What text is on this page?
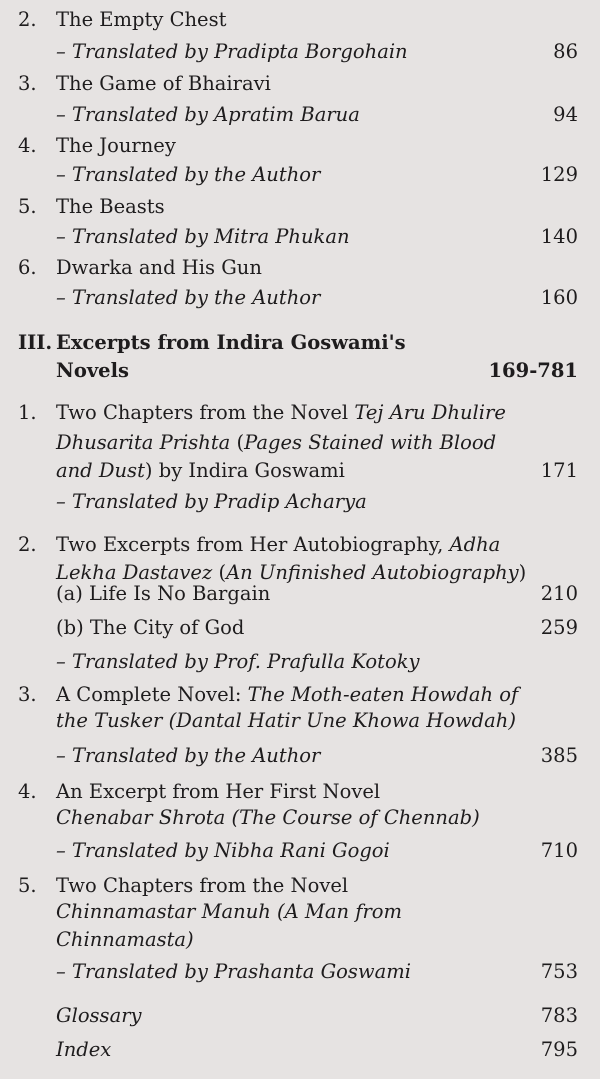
2. The Empty Chest
– Translated by Pradipta Borgohain	86
3. The Game of Bhairavi
– Translated by Apratim Barua	94
4. The Journey
– Translated by the Author	129
5. The Beasts
– Translated by Mitra Phukan	140
6. Dwarka and His Gun
– Translated by the Author	160
III. Excerpts from Indira Goswami's
Novels	169-781
1. Two Chapters from the Novel Tej Aru Dhulire
Dhusarita Prishta (Pages Stained with Blood
and Dust) by Indira Goswami	171
– Translated by Pradip Acharya
2. Two Excerpts from Her Autobiography, Adha
Lekha Dastavez (An Unfinished Autobiography)
(a) Life Is No Bargain	210
(b) The City of God	259
– Translated by Prof. Prafulla Kotoky
3. A Complete Novel: The Moth-eaten Howdah of
the Tusker (Dantal Hatir Une Khowa Howdah)
– Translated by the Author	385
4. An Excerpt from Her First Novel
Chenabar Shrota (The Course of Chennab)
– Translated by Nibha Rani Gogoi	710
5. Two Chapters from the Novel
Chinnamastar Manuh (A Man from
Chinnamasta)
– Translated by Prashanta Goswami	753
Glossary	783
Index	795
